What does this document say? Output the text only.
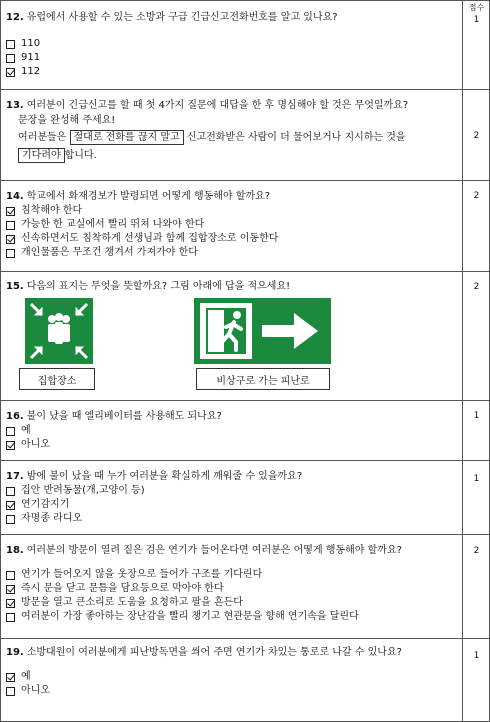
점수
1
12. 유럽에서 사용할 수 있는 소방과 구급 긴급신고전화번호를 알고 있나요?
110
911
112
2
13. 여러분이 긴급신고를 할 때 첫 4가지 질문에 대답을 한 후 명심해야 할 것은 무엇일까요?
문장을 완성해 주세요!
여러분들은 절대로 전화를 끊지 말고 신고전화받은 사람이 더 물어보거나 지시하는 것을
기다려야 합니다.
2
14. 학교에서 화재경보가 발령되면 어떻게 행동해야 할까요?
침착해야 한다
가능한 한 교실에서 빨리 뛰쳐 나와야 한다
신속하면서도 침착하게 선생님과 함께 집합장소로 이동한다
개인물품은 무조건 챙겨서 가져가야 한다
2
15. 다음의 표지는 무엇을 뜻할까요? 그림 아래에 답을 적으세요!
집합장소	비상구로 가는 피난로
1
16. 불이 났을 때 엘리베이터를 사용해도 되나요?
예
아니오
1
17. 밤에 불이 났을 때 누가 여러분을 확실하게 깨워줄 수 있을까요?
집안 반려동물(개,고양이 등)
연기감지기
자명종 라디오
2
18. 여러분의 방문이 열려 짙은 검은 연기가 들어온다면 여러분은 어떻게 행동해야 할까요?
연기가 들어오지 않을 옷장으로 들어가 구조를 기다린다
즉시 문을 닫고 문틈을 담요등으로 막아야 한다
방문을 열고 큰소리로 도움을 요청하고 팔을 흔든다
여러분이 가장 좋아하는 장난감을 빨리 챙기고 현관문을 향해 연기속을 달린다
1
19. 소방대원이 여러분에게 피난방독면을 씌어 주면 연기가 차있는 통로로 나갈 수 있나요?
예
아니오
